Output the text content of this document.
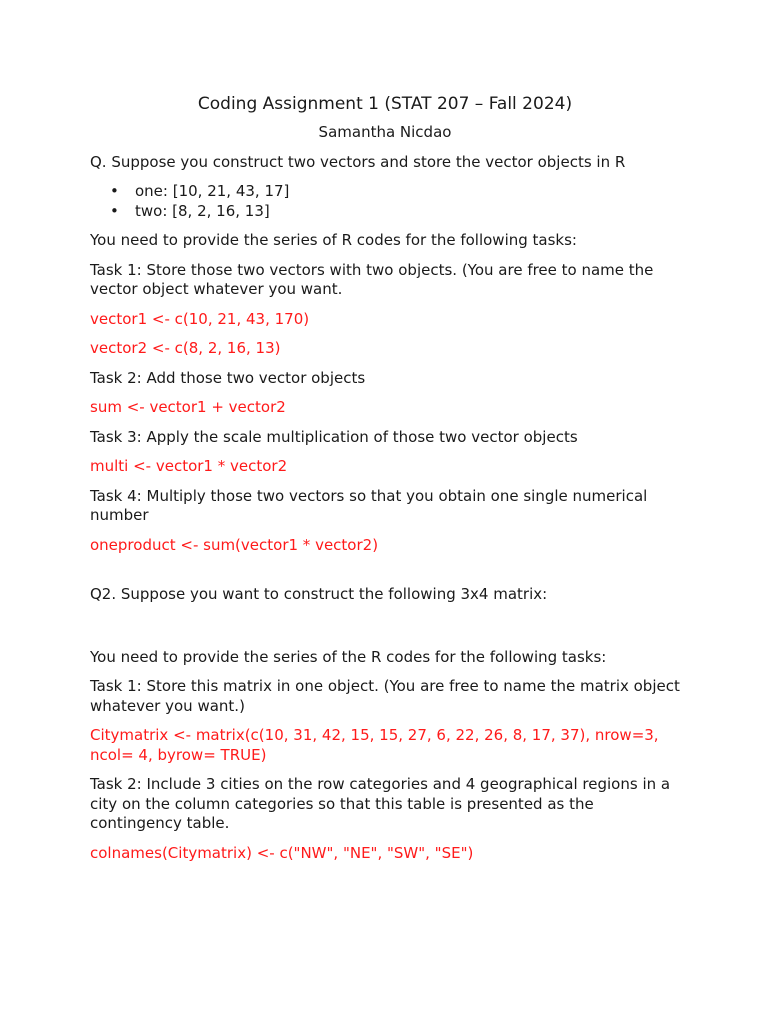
Coding Assignment 1 (STAT 207 – Fall 2024)
Samantha Nicdao

Q. Suppose you construct two vectors and store the vector objects in R

• one: [10, 21, 43, 17]
• two: [8, 2, 16, 13]

You need to provide the series of R codes for the following tasks:

Task 1: Store those two vectors with two objects. (You are free to name the vector object whatever you want.

vector1 <- c(10, 21, 43, 170)

vector2 <- c(8, 2, 16, 13)

Task 2: Add those two vector objects

sum <- vector1 + vector2

Task 3: Apply the scale multiplication of those two vector objects

multi <- vector1 * vector2

Task 4: Multiply those two vectors so that you obtain one single numerical number

oneproduct <- sum(vector1 * vector2)

Q2. Suppose you want to construct the following 3x4 matrix:

You need to provide the series of the R codes for the following tasks:

Task 1: Store this matrix in one object. (You are free to name the matrix object whatever you want.)

Citymatrix <- matrix(c(10, 31, 42, 15, 15, 27, 6, 22, 26, 8, 17, 37), nrow=3, ncol= 4, byrow= TRUE)

Task 2: Include 3 cities on the row categories and 4 geographical regions in a city on the column categories so that this table is presented as the contingency table.

colnames(Citymatrix) <- c("NW", "NE", "SW", "SE")
